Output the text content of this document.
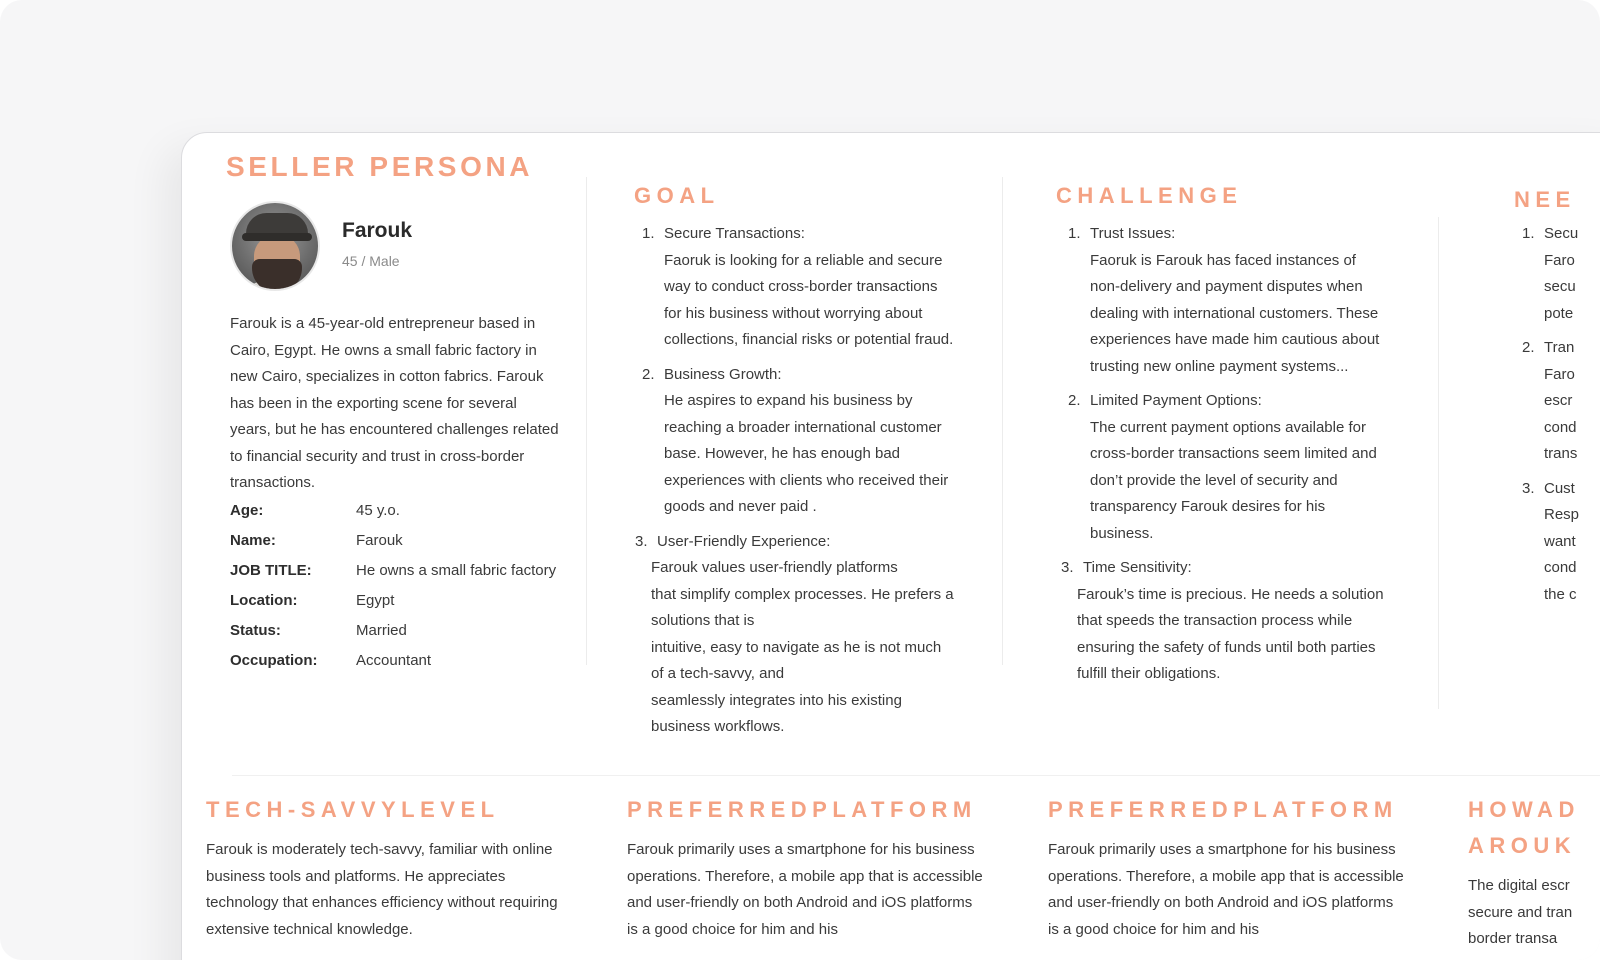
SELLER PERSONA
Farouk
45 / Male
Farouk is a 45-year-old entrepreneur based in Cairo, Egypt. He owns a small fabric factory in new Cairo, specializes in cotton fabrics. Farouk has been in the exporting scene for several years, but he has encountered challenges related to financial security and trust in cross-border transactions.
Age:	45 y.o.
Name:	Farouk
JOB TITLE:	He owns a small fabric factory
Location:	Egypt
Status:	Married
Occupation:	Accountant
GOAL
1. Secure Transactions:
Faoruk is looking for a reliable and secure
way to conduct cross-border transactions
for his business without worrying about
collections, financial risks or potential fraud.
2. Business Growth:
He aspires to expand his business by
reaching a broader international customer
base. However, he has enough bad
experiences with clients who received their
goods and never paid .
3. User-Friendly Experience:
Farouk values user-friendly platforms
that simplify complex processes. He prefers a
solutions that is
intuitive, easy to navigate as he is not much
of a tech-savvy, and
seamlessly integrates into his existing
business workflows.
CHALLENGE
1. Trust Issues:
Faoruk is Farouk has faced instances of
non-delivery and payment disputes when
dealing with international customers. These
experiences have made him cautious about
trusting new online payment systems...
2. Limited Payment Options:
The current payment options available for
cross-border transactions seem limited and
don’t provide the level of security and
transparency Farouk desires for his
business.
3. Time Sensitivity:
Farouk’s time is precious. He needs a solution
that speeds the transaction process while
ensuring the safety of funds until both parties
fulfill their obligations.
NEE
1. Secu
Faro
secu
pote
2. Tran
Faro
escr
cond
trans
3. Cust
Resp
want
cond
the c
TECH-SAVVYLEVEL
Farouk is moderately tech-savvy, familiar with online business tools and platforms. He appreciates technology that enhances efficiency without requiring extensive technical knowledge.
PREFERREDPLATFORM
Farouk primarily uses a smartphone for his business operations. Therefore, a mobile app that is accessible and user-friendly on both Android and iOS platforms is a good choice for him and his
PREFERREDPLATFORM
Farouk primarily uses a smartphone for his business operations. Therefore, a mobile app that is accessible and user-friendly on both Android and iOS platforms is a good choice for him and his
HOWAD
AROUK
The digital escr
secure and tran
border transa
